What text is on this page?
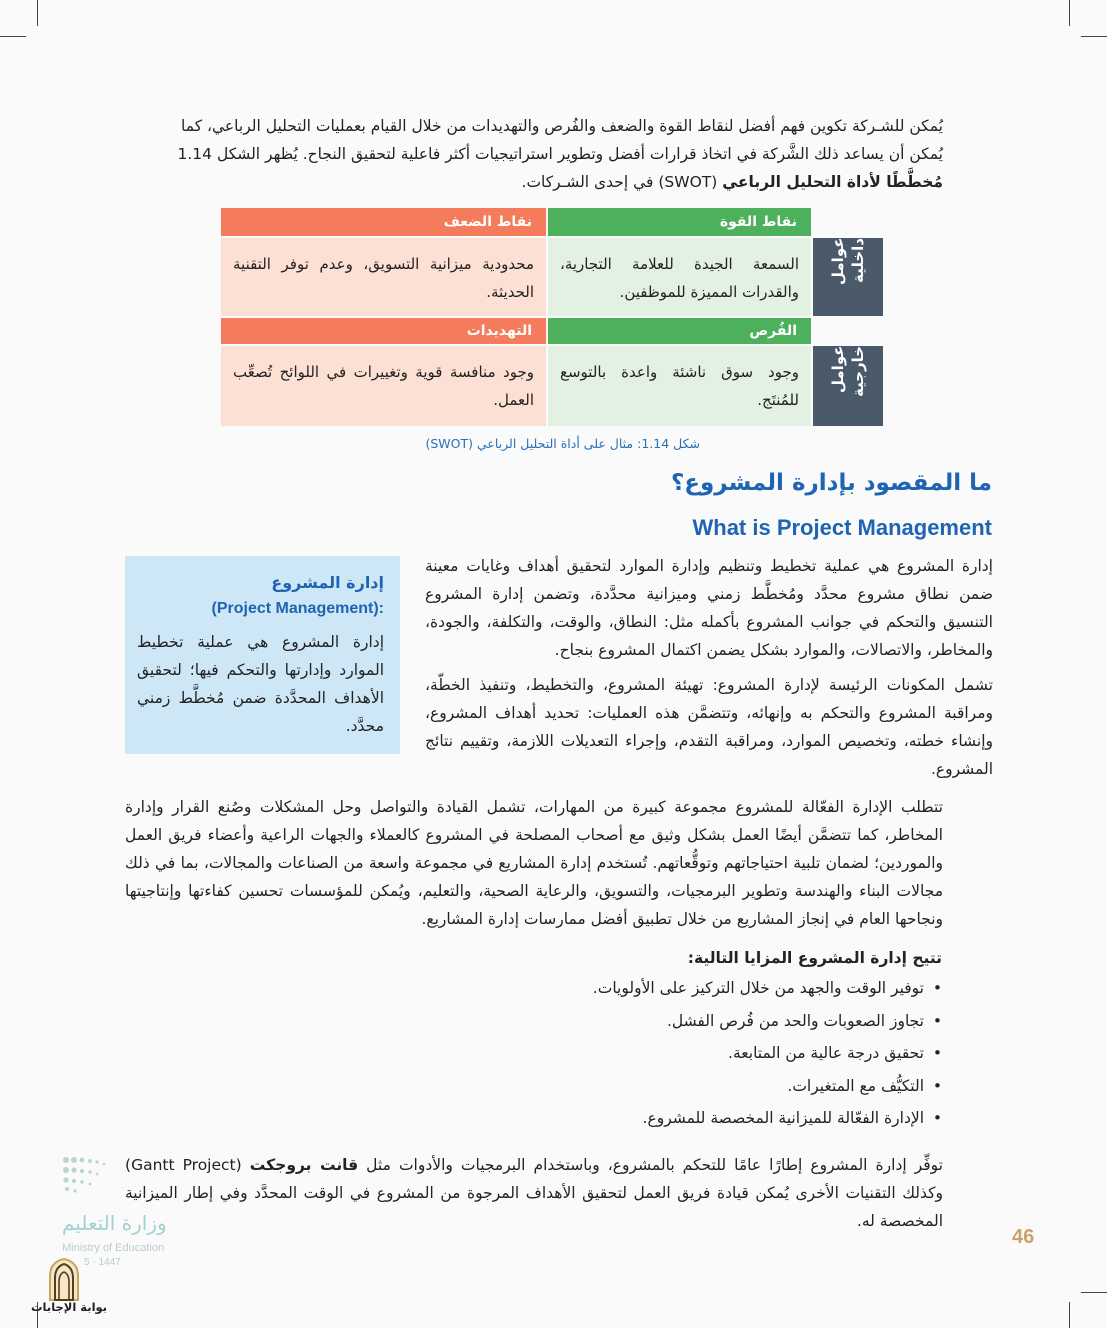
يُمكن للشـركة تكوين فهم أفضل لنقاط القوة والضعف والفُرص والتهديدات من خلال القيام بعمليات التحليل الرباعي، كما
يُمكن أن يساعد ذلك الشَّركة في اتخاذ قرارات أفضل وتطوير استراتيجيات أكثر فاعلية لتحقيق النجاح. يُظهر الشكل 1.14
مُخطَّطًا لأداة التحليل الرباعي (SWOT) في إحدى الشـركات.
نقاط الضعف	نقاط القوة
محدودية ميزانية التسويق، وعدم توفر التقنية الحديثة.
السمعة الجيدة للعلامة التجارية، والقدرات المميزة للموظفين.
عوامل داخلية
التهديدات	الفُرص
وجود منافسة قوية وتغييرات في اللوائح تُصعِّب العمل.
وجود سوق ناشئة واعدة بالتوسع للمُنتَج.
عوامل خارجية
شكل 1.14: مثال على أداة التحليل الرباعي (SWOT)
ما المقصود بإدارة المشروع؟
What is Project Management
إدارة المشروع
:(Project Management)
إدارة المشروع هي عملية تخطيط الموارد وإدارتها والتحكم فيها؛ لتحقيق الأهداف المحدَّدة ضمن مُخطَّط زمني محدَّد.
إدارة المشروع هي عملية تخطيط وتنظيم وإدارة الموارد لتحقيق أهداف وغايات معينة ضمن نطاق مشروع محدَّد ومُخطَّط زمني وميزانية محدَّدة، وتضمن إدارة المشروع التنسيق والتحكم في جوانب المشروع بأكمله مثل: النطاق، والوقت، والتكلفة، والجودة، والمخاطر، والاتصالات، والموارد بشكل يضمن اكتمال المشروع بنجاح.
تشمل المكونات الرئيسة لإدارة المشروع: تهيئة المشروع، والتخطيط، وتنفيذ الخطّة، ومراقبة المشروع والتحكم به وإنهائه، وتتضمَّن هذه العمليات: تحديد أهداف المشروع، وإنشاء خطته، وتخصيص الموارد، ومراقبة التقدم، وإجراء التعديلات اللازمة، وتقييم نتائج المشروع.
تتطلب الإدارة الفعّالة للمشروع مجموعة كبيرة من المهارات، تشمل القيادة والتواصل وحل المشكلات وصُنع القرار وإدارة المخاطر، كما تتضمَّن أيضًا العمل بشكل وثيق مع أصحاب المصلحة في المشروع كالعملاء والجهات الراعية وأعضاء فريق العمل والموردين؛ لضمان تلبية احتياجاتهم وتوقُّعاتهم. تُستخدم إدارة المشاريع في مجموعة واسعة من الصناعات والمجالات، بما في ذلك مجالات البناء والهندسة وتطوير البرمجيات، والتسويق، والرعاية الصحية، والتعليم، ويُمكن للمؤسسات تحسين كفاءتها وإنتاجيتها ونجاحها العام في إنجاز المشاريع من خلال تطبيق أفضل ممارسات إدارة المشاريع.
تتيح إدارة المشروع المزايا التالية:
• توفير الوقت والجهد من خلال التركيز على الأولويات.
• تجاوز الصعوبات والحد من فُرص الفشل.
• تحقيق درجة عالية من المتابعة.
• التكيُّف مع المتغيرات.
• الإدارة الفعّالة للميزانية المخصصة للمشروع.
توفِّر إدارة المشروع إطارًا عامًا للتحكم بالمشروع، وباستخدام البرمجيات والأدوات مثل قانت بروجكت (Gantt Project) وكذلك التقنيات الأخرى يُمكن قيادة فريق العمل لتحقيق الأهداف المرجوة من المشروع في الوقت المحدَّد وفي إطار الميزانية المخصصة له.
وزارة التعليم
Ministry of Education
5 - 1447
بوابة الإجابات
46
